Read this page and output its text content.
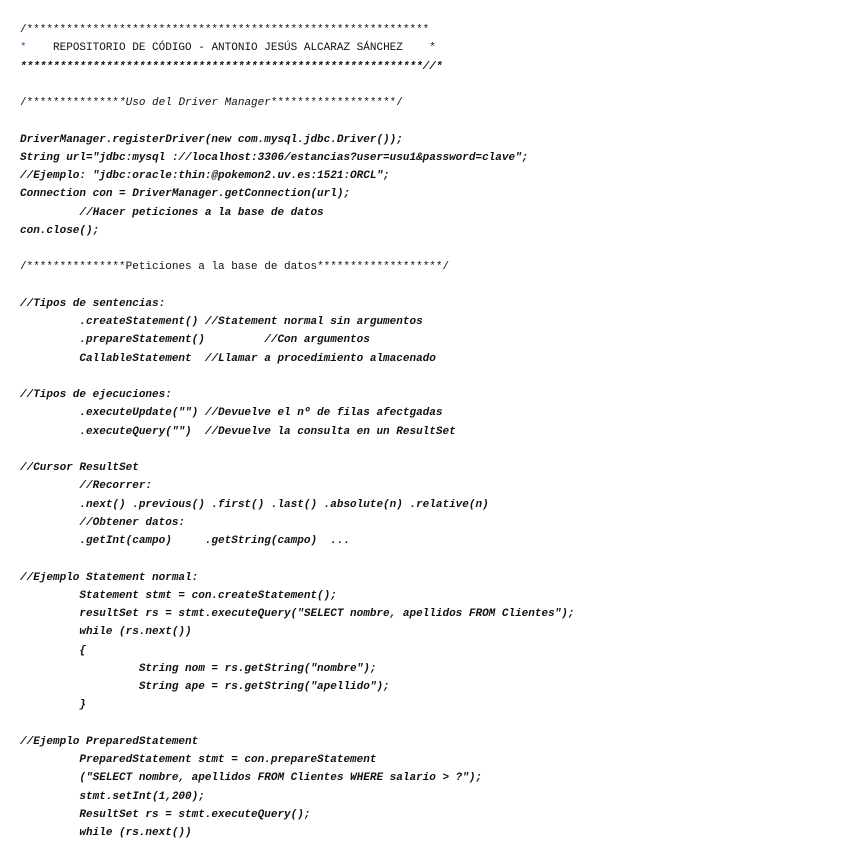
/*************************************************************
*    REPOSITORIO DE CÓDIGO - ANTONIO JESÚS ALCARAZ SÁNCHEZ    *
*************************************************************//*
/***************Uso del Driver Manager*******************/
DriverManager.registerDriver(new com.mysql.jdbc.Driver());
String url="jdbc:mysql ://localhost:3306/estancias?user=usu1&password=clave";
//Ejemplo: "jdbc:oracle:thin:@pokemon2.uv.es:1521:ORCL";
Connection con = DriverManager.getConnection(url);
//Hacer peticiones a la base de datos
con.close();
/***************Peticiones a la base de datos*******************/
//Tipos de sentencias:
.createStatement() //Statement normal sin argumentos
.prepareStatement()         //Con argumentos
CallableStatement  //Llamar a procedimiento almacenado
//Tipos de ejecuciones:
.executeUpdate("") //Devuelve el nº de filas afectgadas
.executeQuery("")  //Devuelve la consulta en un ResultSet
//Cursor ResultSet
//Recorrer:
.next() .previous() .first() .last() .absolute(n) .relative(n)
//Obtener datos:
.getInt(campo)     .getString(campo)  ...
//Ejemplo Statement normal:
Statement stmt = con.createStatement();
resultSet rs = stmt.executeQuery("SELECT nombre, apellidos FROM Clientes");
while (rs.next())
{
String nom = rs.getString("nombre");
String ape = rs.getString("apellido");
}
//Ejemplo PreparedStatement
PreparedStatement stmt = con.prepareStatement
("SELECT nombre, apellidos FROM Clientes WHERE salario > ?");
stmt.setInt(1,200);
ResultSet rs = stmt.executeQuery();
while (rs.next())
